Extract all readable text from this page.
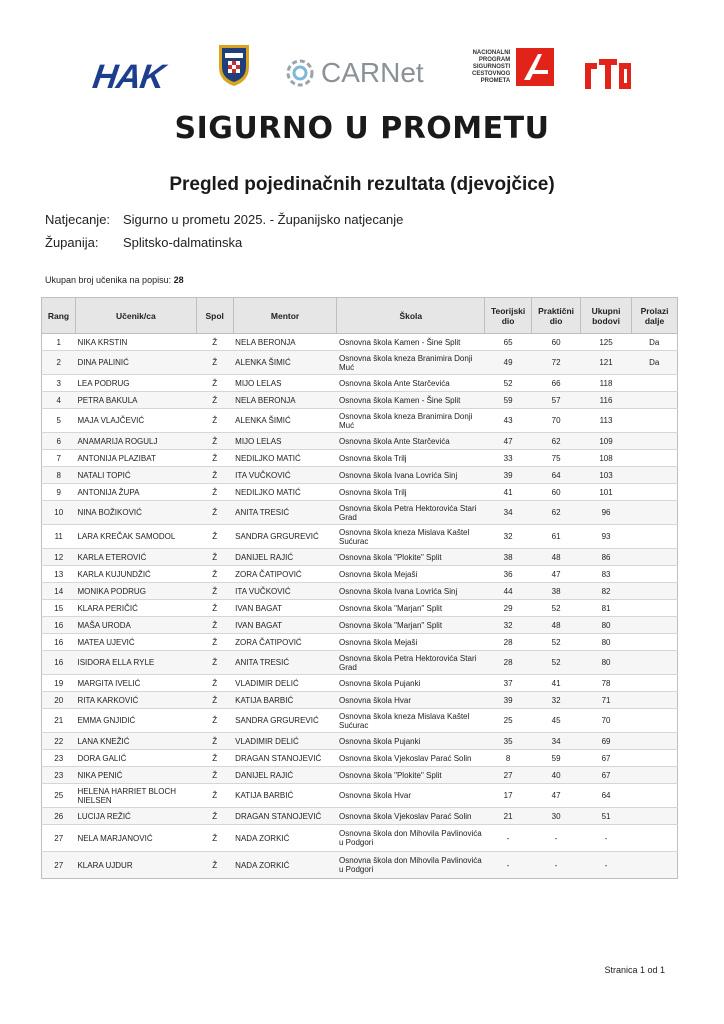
HAK	CARNet
NACIONALNI
PROGRAM
SIGURNOSTI
CESTOVNOG
PROMETA
SIGURNO U PROMETU
Pregled pojedinačnih rezultata (djevojčice)
Natjecanje: Sigurno u prometu 2025. - Županijsko natjecanje
Županija: Splitsko-dalmatinska
Ukupan broj učenika na popisu: 28
Rang	Učenik/ca	Spol	Mentor	Škola	Teorijski dio	Praktični dio	Ukupni bodovi	Prolazi dalje
1	NIKA KRSTIN	Ž	NELA BERONJA	Osnovna škola Kamen - Šine Split	65	60	125	Da
2	DINA PALINIĆ	Ž	ALENKA ŠIMIĆ	Osnovna škola kneza Branimira Donji Muć	49	72	121	Da
3	LEA PODRUG	Ž	MIJO LELAS	Osnovna škola Ante Starčevića	52	66	118	
4	PETRA BAKULA	Ž	NELA BERONJA	Osnovna škola Kamen - Šine Split	59	57	116	
5	MAJA VLAJČEVIĆ	Ž	ALENKA ŠIMIĆ	Osnovna škola kneza Branimira Donji Muć	43	70	113	
6	ANAMARIJA ROGULJ	Ž	MIJO LELAS	Osnovna škola Ante Starčevića	47	62	109	
7	ANTONIJA PLAZIBAT	Ž	NEDILJKO MATIĆ	Osnovna škola Trilj	33	75	108	
8	NATALI TOPIĆ	Ž	ITA VUČKOVIĆ	Osnovna škola Ivana Lovrića Sinj	39	64	103	
9	ANTONIJA ŽUPA	Ž	NEDILJKO MATIĆ	Osnovna škola Trilj	41	60	101	
10	NINA BOŽIKOVIĆ	Ž	ANITA TRESIĆ	Osnovna škola Petra Hektorovića Stari Grad	34	62	96	
11	LARA KREČAK SAMODOL	Ž	SANDRA GRGUREVIĆ	Osnovna škola kneza Mislava Kaštel Sućurac	32	61	93	
12	KARLA ETEROVIĆ	Ž	DANIJEL RAJIĆ	Osnovna škola "Plokite" Split	38	48	86	
13	KARLA KUJUNDŽIĆ	Ž	ZORA ČATIPOVIĆ	Osnovna škola Mejaši	36	47	83	
14	MONIKA PODRUG	Ž	ITA VUČKOVIĆ	Osnovna škola Ivana Lovrića Sinj	44	38	82	
15	KLARA PERIČIĆ	Ž	IVAN BAGAT	Osnovna škola "Marjan" Split	29	52	81	
16	MAŠA URODA	Ž	IVAN BAGAT	Osnovna škola "Marjan" Split	32	48	80	
16	MATEA UJEVIĆ	Ž	ZORA ČATIPOVIĆ	Osnovna škola Mejaši	28	52	80	
16	ISIDORA ELLA RYLE	Ž	ANITA TRESIĆ	Osnovna škola Petra Hektorovića Stari Grad	28	52	80	
19	MARGITA IVELIĆ	Ž	VLADIMIR DELIĆ	Osnovna škola Pujanki	37	41	78	
20	RITA KARKOVIĆ	Ž	KATIJA BARBIĆ	Osnovna škola Hvar	39	32	71	
21	EMMA GNJIDIĆ	Ž	SANDRA GRGUREVIĆ	Osnovna škola kneza Mislava Kaštel Sućurac	25	45	70	
22	LANA KNEŽIĆ	Ž	VLADIMIR DELIĆ	Osnovna škola Pujanki	35	34	69	
23	DORA GALIĆ	Ž	DRAGAN STANOJEVIĆ	Osnovna škola Vjekoslav Parać Solin	8	59	67	
23	NIKA PENIĆ	Ž	DANIJEL RAJIĆ	Osnovna škola "Plokite" Split	27	40	67	
25	HELENA HARRIET BLOCH NIELSEN	Ž	KATIJA BARBIĆ	Osnovna škola Hvar	17	47	64	
26	LUCIJA REŽIĆ	Ž	DRAGAN STANOJEVIĆ	Osnovna škola Vjekoslav Parać Solin	21	30	51	
27	NELA MARJANOVIĆ	Ž	NADA ZORKIĆ	Osnovna škola don Mihovila Pavlinovića u Podgori	-	-	-	
27	KLARA UJDUR	Ž	NADA ZORKIĆ	Osnovna škola don Mihovila Pavlinovića u Podgori	-	-	-	
Stranica 1 od 1
